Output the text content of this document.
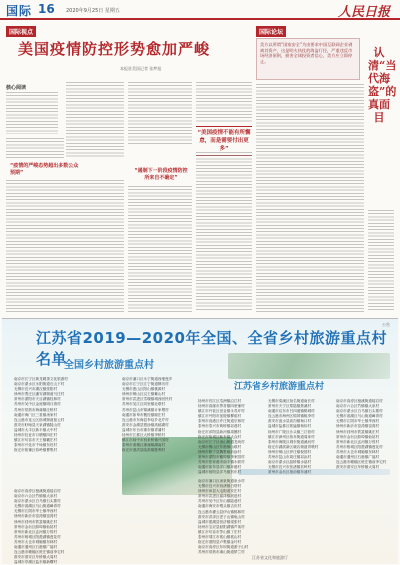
国际 16 2020年9月25日 星期五	人民日报
国际视点	国际论坛
美国疫情防控形势愈加严峻
本报驻美国记者 张梦旭
核心阅读
“疫情的严峻态势超出多数公众预期”	“遏制下一阶段疫情防控所来自不确定”
“美国疫情不能有所懈怠，而是需要付出更多”
美方以所谓“国家安全”为由要求中国互联网企业剥离其资产，这是明火执仗的海盗行径，严重违反市场经济原则，损害全球投资者信心，美方应立即停止。
认清“当代海盗”的真面目
公告
江苏省2019—2020年全国、全省乡村旅游重点村名单
全国乡村旅游重点村
江苏省乡村旅游重点村
南京市江宁区黄龙岘茶文化旅游村
南京市溧水区永阳街道石山下村
无锡市宜兴市湖㳇镇张阳村
徐州市贾汪区潘安湖街道马庄村
常州市溧阳市天目湖镇桂林村
苏州市吴中区金庭镇明月湾村
苏州市常熟市海虞镇汪桥村
南通市海门区三星镇汤家村
连云港市连云区宿城街道留云村
淮安市盱眙县天泉湖镇陡山村
盐城市大丰区新丰镇大中村
扬州市仪征市月塘镇四庄村
镇江市句容市天王镇戴庄村
泰州市兴化市千垛镇东旺村
宿迁市宿豫区侍岭镇曹集村
南京市浦口区永宁街道西埂莲乡
南京市江宁区江宁街道牌坊村
无锡市惠山区阳山镇桃源村
徐州市铜山区汉王镇紫山村
常州市武进区雪堰镇城西回民村
苏州市吴江区同里镇北联村
苏州市昆山市锦溪镇计家墩村
南通市如皋市搬经镇顾庄村
连云港市东海县李埝乡北芹村
淮安市金湖县银涂镇高邮湖村
盐城市东台市溱东镇青蒲村
扬州市江都区大桥镇李桥村
镇江市扬中市西来桥镇兴国村
泰州市姜堰区溱潼镇湖南村
宿迁市泗洪县临淮镇胜利村
南京市高淳区桠溪街道瑶宕村
南京市六合区竹镇镇大泉村
南京市溧水区白马镇石头寨村
无锡市滨湖区马山街道嶂青村
无锡市江阴市华士镇华西村
徐州市新沂市窑湾镇窑湾村
徐州市邳州市铁富镇姚庄村
常州市金坛区薛埠镇仙姑村
常州市新北区孟河镇万绥村
苏州市相城区阳澄湖镇莲花村
苏州市太仓市城厢镇东林村
南通市通州区石港镇广福村
连云港市赣榆区班庄镇前李宅村
淮安市淮安区车桥镇大周村
盐城市亭湖区盐东镇新曙村
扬州市邗江区瓜洲镇沿江村
扬州市高邮市界首镇四里铺村
镇江市丹徒区世业镇永茂圩村
镇江市丹阳市延陵镇柳茹村
泰州市高港区许庄街道宗林村
泰州市泰兴市黄桥镇祁巷村
宿迁市沭阳县新河镇周圈村
宿迁市宿城区耿车镇大众村
南京市江宁区汤山街道龙尚村
无锡市锡山区东港镇山联村
徐州市睢宁县魏集镇前涂村
常州市溧阳市戴埠镇李家园村
苏州市张家港市南丰镇永联村
南通市如东县洋口镇环港村
盐城市射阳县洋马镇贺东村
南京市浦口区汤泉街道泉水村
无锡市宜兴市西渚镇白塔村
徐州市沛县大屯街道安庄村
常州市武进区嘉泽镇跃进村
苏州市吴中区东山镇陆巷村
南通市海安市墩头镇吉庆村
连云港市灌云县伊山镇郁林村
淮安市洪泽区老子山镇龟山村
盐城市建湖县恒济镇梁张村
扬州市宝应县射阳湖镇芦荡村
镇江市句容市茅山镇丁庄村
泰州市靖江市孤山镇孤山村
宿迁市泗阳县卢集镇金圩村
南京市高淳区东坝街道游子山村
苏州市常熟市虞山街道梦兰村
无锡市梁溪区扬名街道南长村
常州市天宁区郑陆镇焦溪村
南通市启东市吕四港镇鹤城村
连云港市海州区锦屏镇桃李村
淮安市涟水县高沟镇杨口村
盐城市盐都区郭猛镇杨侍村
扬州市广陵区沙头镇三江营村
镇江市润州区蒋乔街道周家村
泰州市海陵区城东街道溪河村
宿迁市湖滨新区晓店街道青墩村
徐州市铜山区伊庄镇倪园村
苏州市昆山市周庄镇祁浜村
南京市溧水区晶桥镇水晶村
无锡市宜兴市张渚镇茗岭村
常州市金坛区指前镇东浦村
南京市高淳区桠溪街道瑶宕村
南京市六合区竹镇镇大泉村
南京市溧水区白马镇石头寨村
无锡市滨湖区马山街道嶂青村
无锡市江阴市华士镇华西村
徐州市新沂市窑湾镇窑湾村
徐州市邳州市铁富镇姚庄村
常州市金坛区薛埠镇仙姑村
常州市新北区孟河镇万绥村
苏州市相城区阳澄湖镇莲花村
苏州市太仓市城厢镇东林村
南通市通州区石港镇广福村
连云港市赣榆区班庄镇前李宅村
淮安市淮安区车桥镇大周村
江苏省文化和旅游厅
